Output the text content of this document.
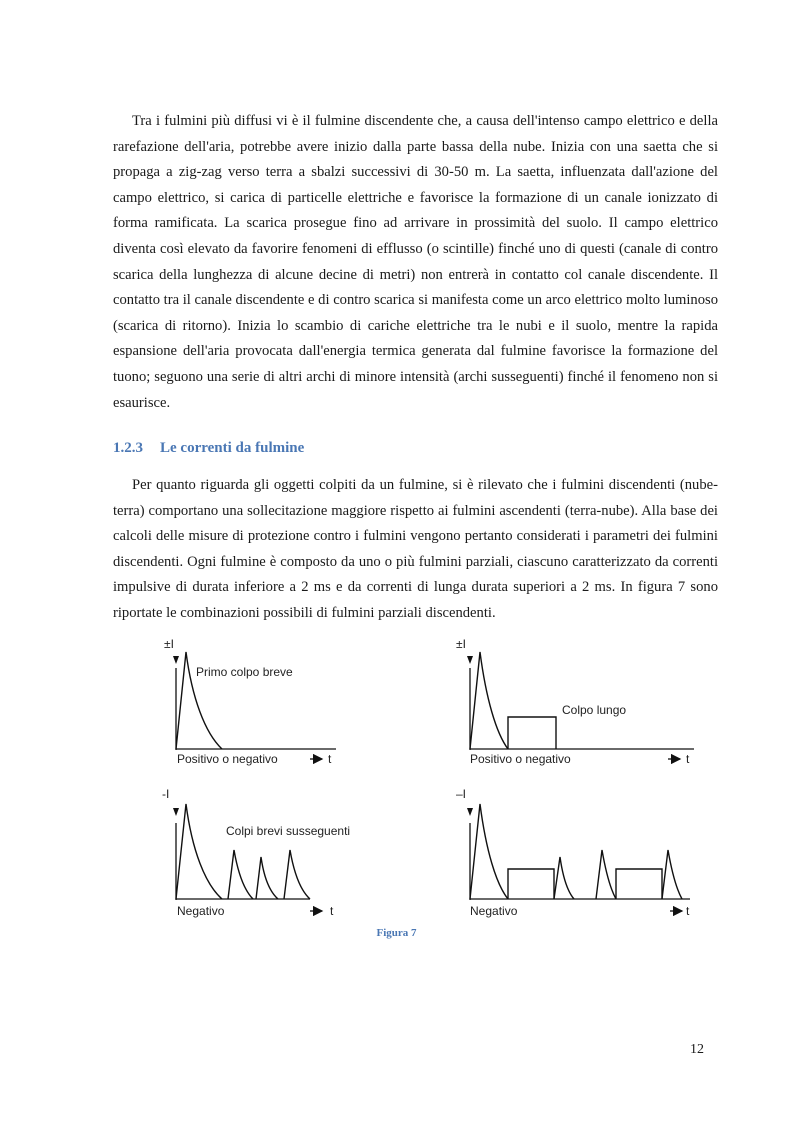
Tra i fulmini più diffusi vi è il fulmine discendente che, a causa dell'intenso campo elettrico e della rarefazione dell'aria, potrebbe avere inizio dalla parte bassa della nube. Inizia con una saetta che si propaga a zig-zag verso terra a sbalzi successivi di 30-50 m. La saetta, influenzata dall'azione del campo elettrico, si carica di particelle elettriche e favorisce la formazione di un canale ionizzato di forma ramificata. La scarica prosegue fino ad arrivare in prossimità del suolo. Il campo elettrico diventa così elevato da favorire fenomeni di efflusso (o scintille) finché uno di questi (canale di contro scarica della lunghezza di alcune decine di metri) non entrerà in contatto col canale discendente. Il contatto tra il canale discendente e di contro scarica si manifesta come un arco elettrico molto luminoso (scarica di ritorno). Inizia lo scambio di cariche elettriche tra le nubi e il suolo, mentre la rapida espansione dell'aria provocata dall'energia termica generata dal fulmine favorisce la formazione del tuono; seguono una serie di altri archi di minore intensità (archi susseguenti) finché il fenomeno non si esaurisce.

1.2.3 Le correnti da fulmine

Per quanto riguarda gli oggetti colpiti da un fulmine, si è rilevato che i fulmini discendenti (nube-terra) comportano una sollecitazione maggiore rispetto ai fulmini ascendenti (terra-nube). Alla base dei calcoli delle misure di protezione contro i fulmini vengono pertanto considerati i parametri dei fulmini discendenti. Ogni fulmine è composto da uno o più fulmini parziali, ciascuno caratterizzato da correnti impulsive di durata inferiore a 2 ms e da correnti di lunga durata superiori a 2 ms. In figura 7 sono riportate le combinazioni possibili di fulmini parziali discendenti.

±I
Primo colpo breve
Positivo o negativo	t
±I
Colpo lungo
Positivo o negativo	t
-I
Colpi brevi susseguenti
Negativo	t
–I
Negativo	t
Figura 7
12
